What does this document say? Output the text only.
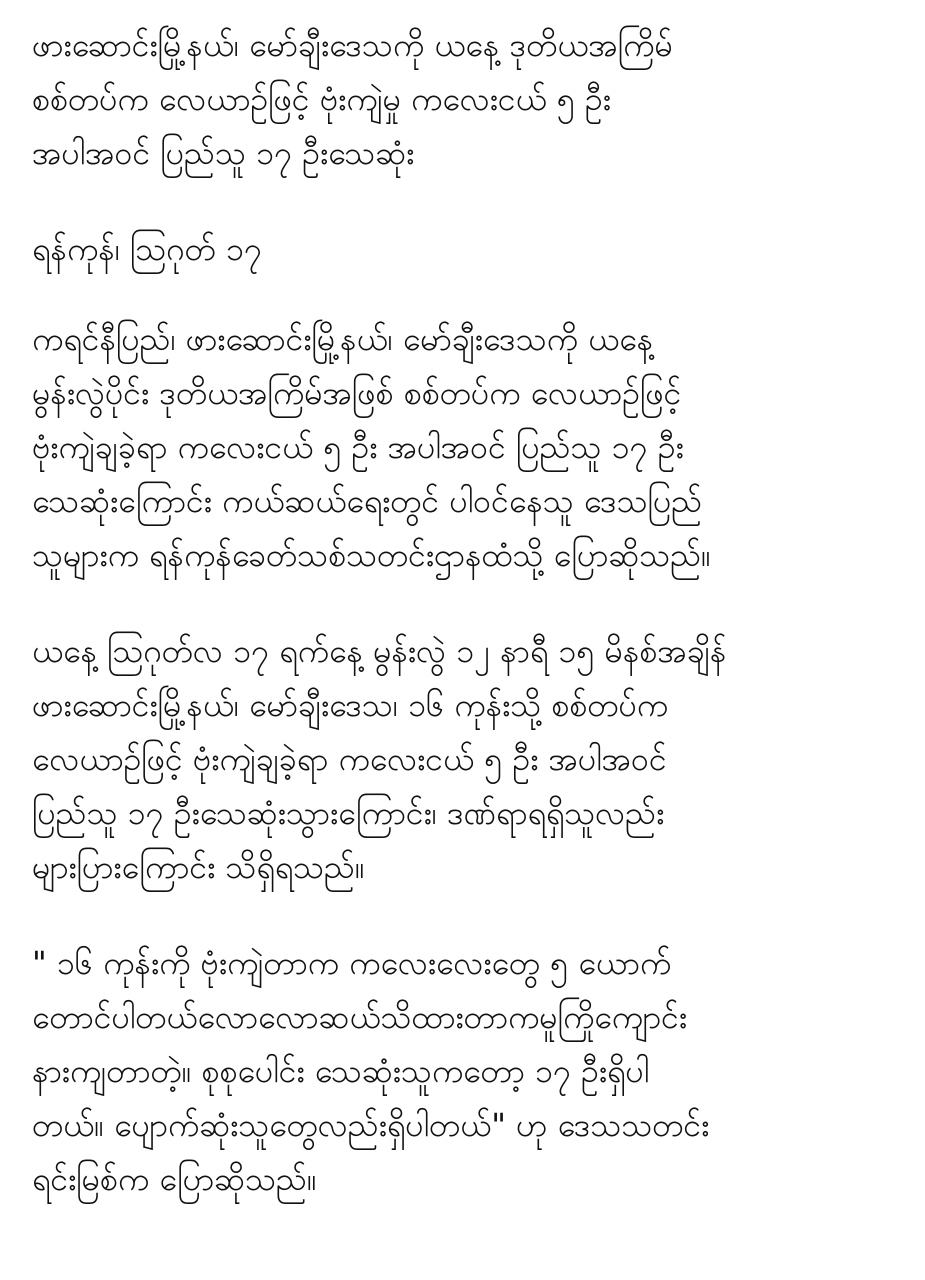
ဖားဆောင်းမြို့နယ်၊ မော်ချီးဒေသကို ယနေ့ ဒုတိယအကြိမ်
စစ်တပ်က လေယာဉ်ဖြင့် ဗုံးကျဲမှု ကလေးငယ် ၅ ဦး
အပါအဝင် ပြည်သူ ၁၇ ဦးသေဆုံး
ရန်ကုန်၊ ဩဂုတ် ၁၇
ကရင်နီပြည်၊ ဖားဆောင်းမြို့နယ်၊ မော်ချီးဒေသကို ယနေ့
မွန်းလွဲပိုင်း ဒုတိယအကြိမ်အဖြစ် စစ်တပ်က လေယာဉ်ဖြင့်
ဗုံးကျဲချခဲ့ရာ ကလေးငယ် ၅ ဦး အပါအဝင် ပြည်သူ ၁၇ ဦး
သေဆုံးကြောင်း ကယ်ဆယ်ရေးတွင် ပါဝင်နေသူ ဒေသပြည်
သူများက ရန်ကုန်ခေတ်သစ်သတင်းဌာနထံသို့ ပြောဆိုသည်။
ယနေ့ ဩဂုတ်လ ၁၇ ရက်နေ့ မွန်းလွဲ ၁၂ နာရီ ၁၅ မိနစ်အချိန်
ဖားဆောင်းမြို့နယ်၊ မော်ချီးဒေသ၊ ၁၆ ကုန်းသို့ စစ်တပ်က
လေယာဉ်ဖြင့် ဗုံးကျဲချခဲ့ရာ ကလေးငယ် ၅ ဦး အပါအဝင်
ပြည်သူ ၁၇ ဦးသေဆုံးသွားကြောင်း၊ ဒဏ်ရာရရှိသူလည်း
များပြားကြောင်း သိရှိရသည်။
" ၁၆ ကုန်းကို ဗုံးကျဲတာက ကလေးလေးတွေ ၅ ယောက်
တောင်ပါတယ်လောလောဆယ်သိထားတာကမူကြိုကျောင်း
နားကျတာတဲ့။ စုစုပေါင်း သေဆုံးသူကတော့ ၁၇ ဦးရှိပါ
တယ်။ ပျောက်ဆုံးသူတွေလည်းရှိပါတယ်" ဟု ဒေသသတင်း
ရင်းမြစ်က ပြောဆိုသည်။
